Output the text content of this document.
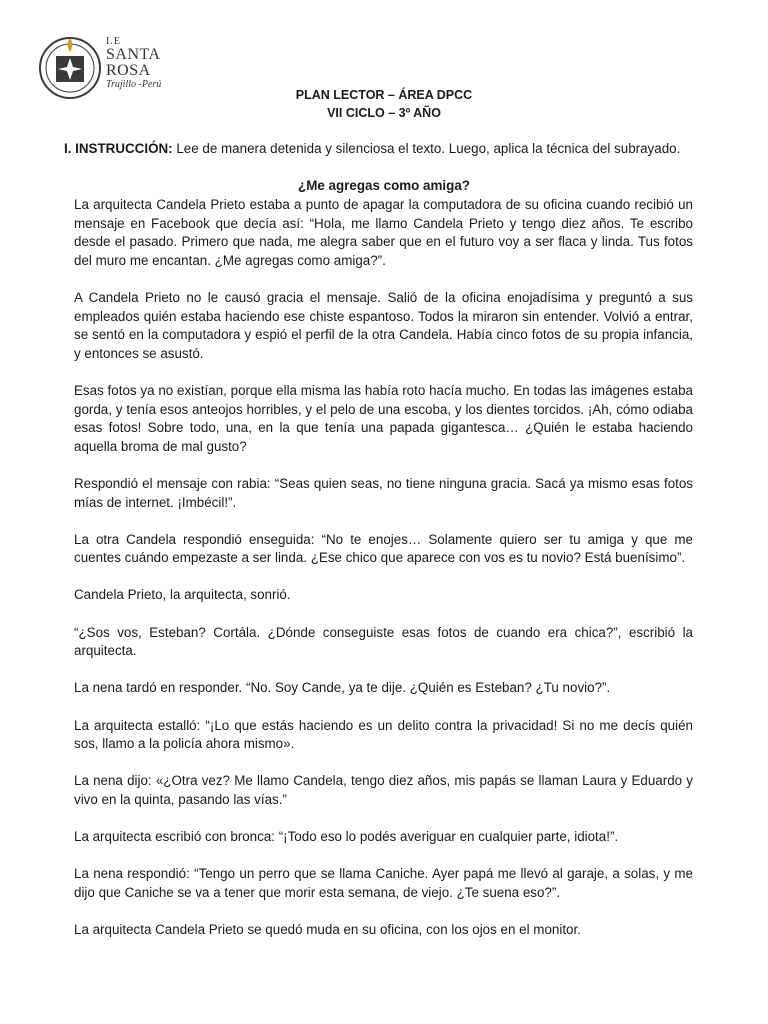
I.E
SANTA
ROSA
Trujillo -Perú
PLAN LECTOR – ÁREA DPCC
VII CICLO – 3º AÑO
I. INSTRUCCIÓN: Lee de manera detenida y silenciosa el texto. Luego, aplica la técnica del subrayado.
¿Me agregas como amiga?

La arquitecta Candela Prieto estaba a punto de apagar la computadora de su oficina cuando recibió un mensaje en Facebook que decía así: “Hola, me llamo Candela Prieto y tengo diez años. Te escribo desde el pasado. Primero que nada, me alegra saber que en el futuro voy a ser flaca y linda. Tus fotos del muro me encantan. ¿Me agregas como amiga?”.

A Candela Prieto no le causó gracia el mensaje. Salió de la oficina enojadísima y preguntó a sus empleados quién estaba haciendo ese chiste espantoso. Todos la miraron sin entender. Volvió a entrar, se sentó en la computadora y espió el perfil de la otra Candela. Había cinco fotos de su propia infancia, y entonces se asustó.

Esas fotos ya no existían, porque ella misma las había roto hacía mucho. En todas las imágenes estaba gorda, y tenía esos anteojos horribles, y el pelo de una escoba, y los dientes torcidos. ¡Ah, cómo odiaba esas fotos! Sobre todo, una, en la que tenía una papada gigantesca… ¿Quién le estaba haciendo aquella broma de mal gusto?

Respondió el mensaje con rabia: “Seas quien seas, no tiene ninguna gracia. Sacá ya mismo esas fotos mías de internet. ¡Imbécil!”.

La otra Candela respondió enseguida: “No te enojes… Solamente quiero ser tu amiga y que me cuentes cuándo empezaste a ser linda. ¿Ese chico que aparece con vos es tu novio? Está buenísimo”.

Candela Prieto, la arquitecta, sonrió.

“¿Sos vos, Esteban? Cortála. ¿Dónde conseguiste esas fotos de cuando era chica?”, escribió la arquitecta.

La nena tardó en responder. “No. Soy Cande, ya te dije. ¿Quién es Esteban? ¿Tu novio?”.

La arquitecta estalló: “¡Lo que estás haciendo es un delito contra la privacidad! Si no me decís quién sos, llamo a la policía ahora mismo».

La nena dijo: «¿Otra vez? Me llamo Candela, tengo diez años, mis papás se llaman Laura y Eduardo y vivo en la quinta, pasando las vías.”

La arquitecta escribió con bronca: “¡Todo eso lo podés averiguar en cualquier parte, idiota!”.

La nena respondió: “Tengo un perro que se llama Caniche. Ayer papá me llevó al garaje, a solas, y me dijo que Caniche se va a tener que morir esta semana, de viejo. ¿Te suena eso?”.

La arquitecta Candela Prieto se quedó muda en su oficina, con los ojos en el monitor.
